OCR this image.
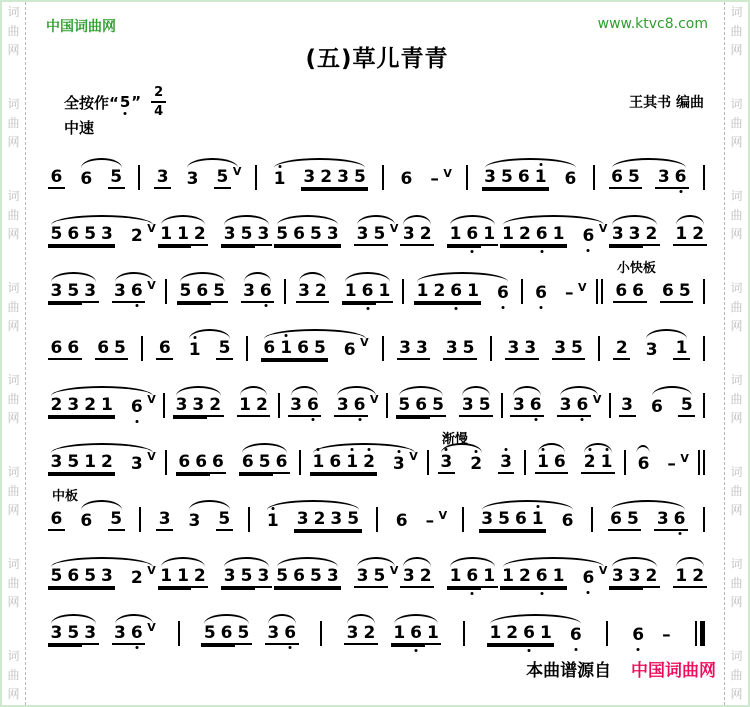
词
曲
网
词
曲
网
词
曲
网
词
曲
网
词
曲
网
词
曲
网
词
曲
网
词
曲
网
词
曲
网
词
曲
网
词
曲
网
词
曲
网
词
曲
网
词
曲
网
词
曲
网
词
曲
网
中国词曲网	www.ktvc8.com
(五)草儿青青
全按作“ 5 ” $\frac{2}{4}$	王其书 编曲
中速
6 6 5 3 3 5 V 1 3 2 3 5 6 – V 3 5 6 1 6 6 5 3 6
5 6 5 3 2 V 1 1 2 3 5 3 5 6 5 3 3 5 V 3 2 1 6 1 1 2 6 1 6 V 3 3 2 1 2
3 5 3 3 6 V 5 6 5 3 6 3 2 1 6 1 1 2 6 1 6 6 – V
小快板
6 6 6 5
6 6 6 5 6 1 5 6 1 6 5 6 V 3 3 3 5 3 3 3 5 2 3 1
2 3 2 1 6 V 3 3 2 1 2 3 6 3 6 V 5 6 5 3 5 3 6 3 6 V 3 6 5
3 5 1 2 3 V 6 6 6 6 5 6 1 6 1 2 3 V
渐慢
3 2 3 1 6 2 1 6 – V
中板
6 6 5 3 3 5 1 3 2 3 5 6 – V 3 5 6 1 6 6 5 3 6
5 6 5 3 2 V 1 1 2 3 5 3 5 6 5 3 3 5 V 3 2 1 6 1 1 2 6 1 6 V 3 3 2 1 2
3 5 3 3 6 V	5 6 5 3 6	3 2 1 6 1	1 2 6 1 6	6 –
本曲谱源自 中国词曲网
